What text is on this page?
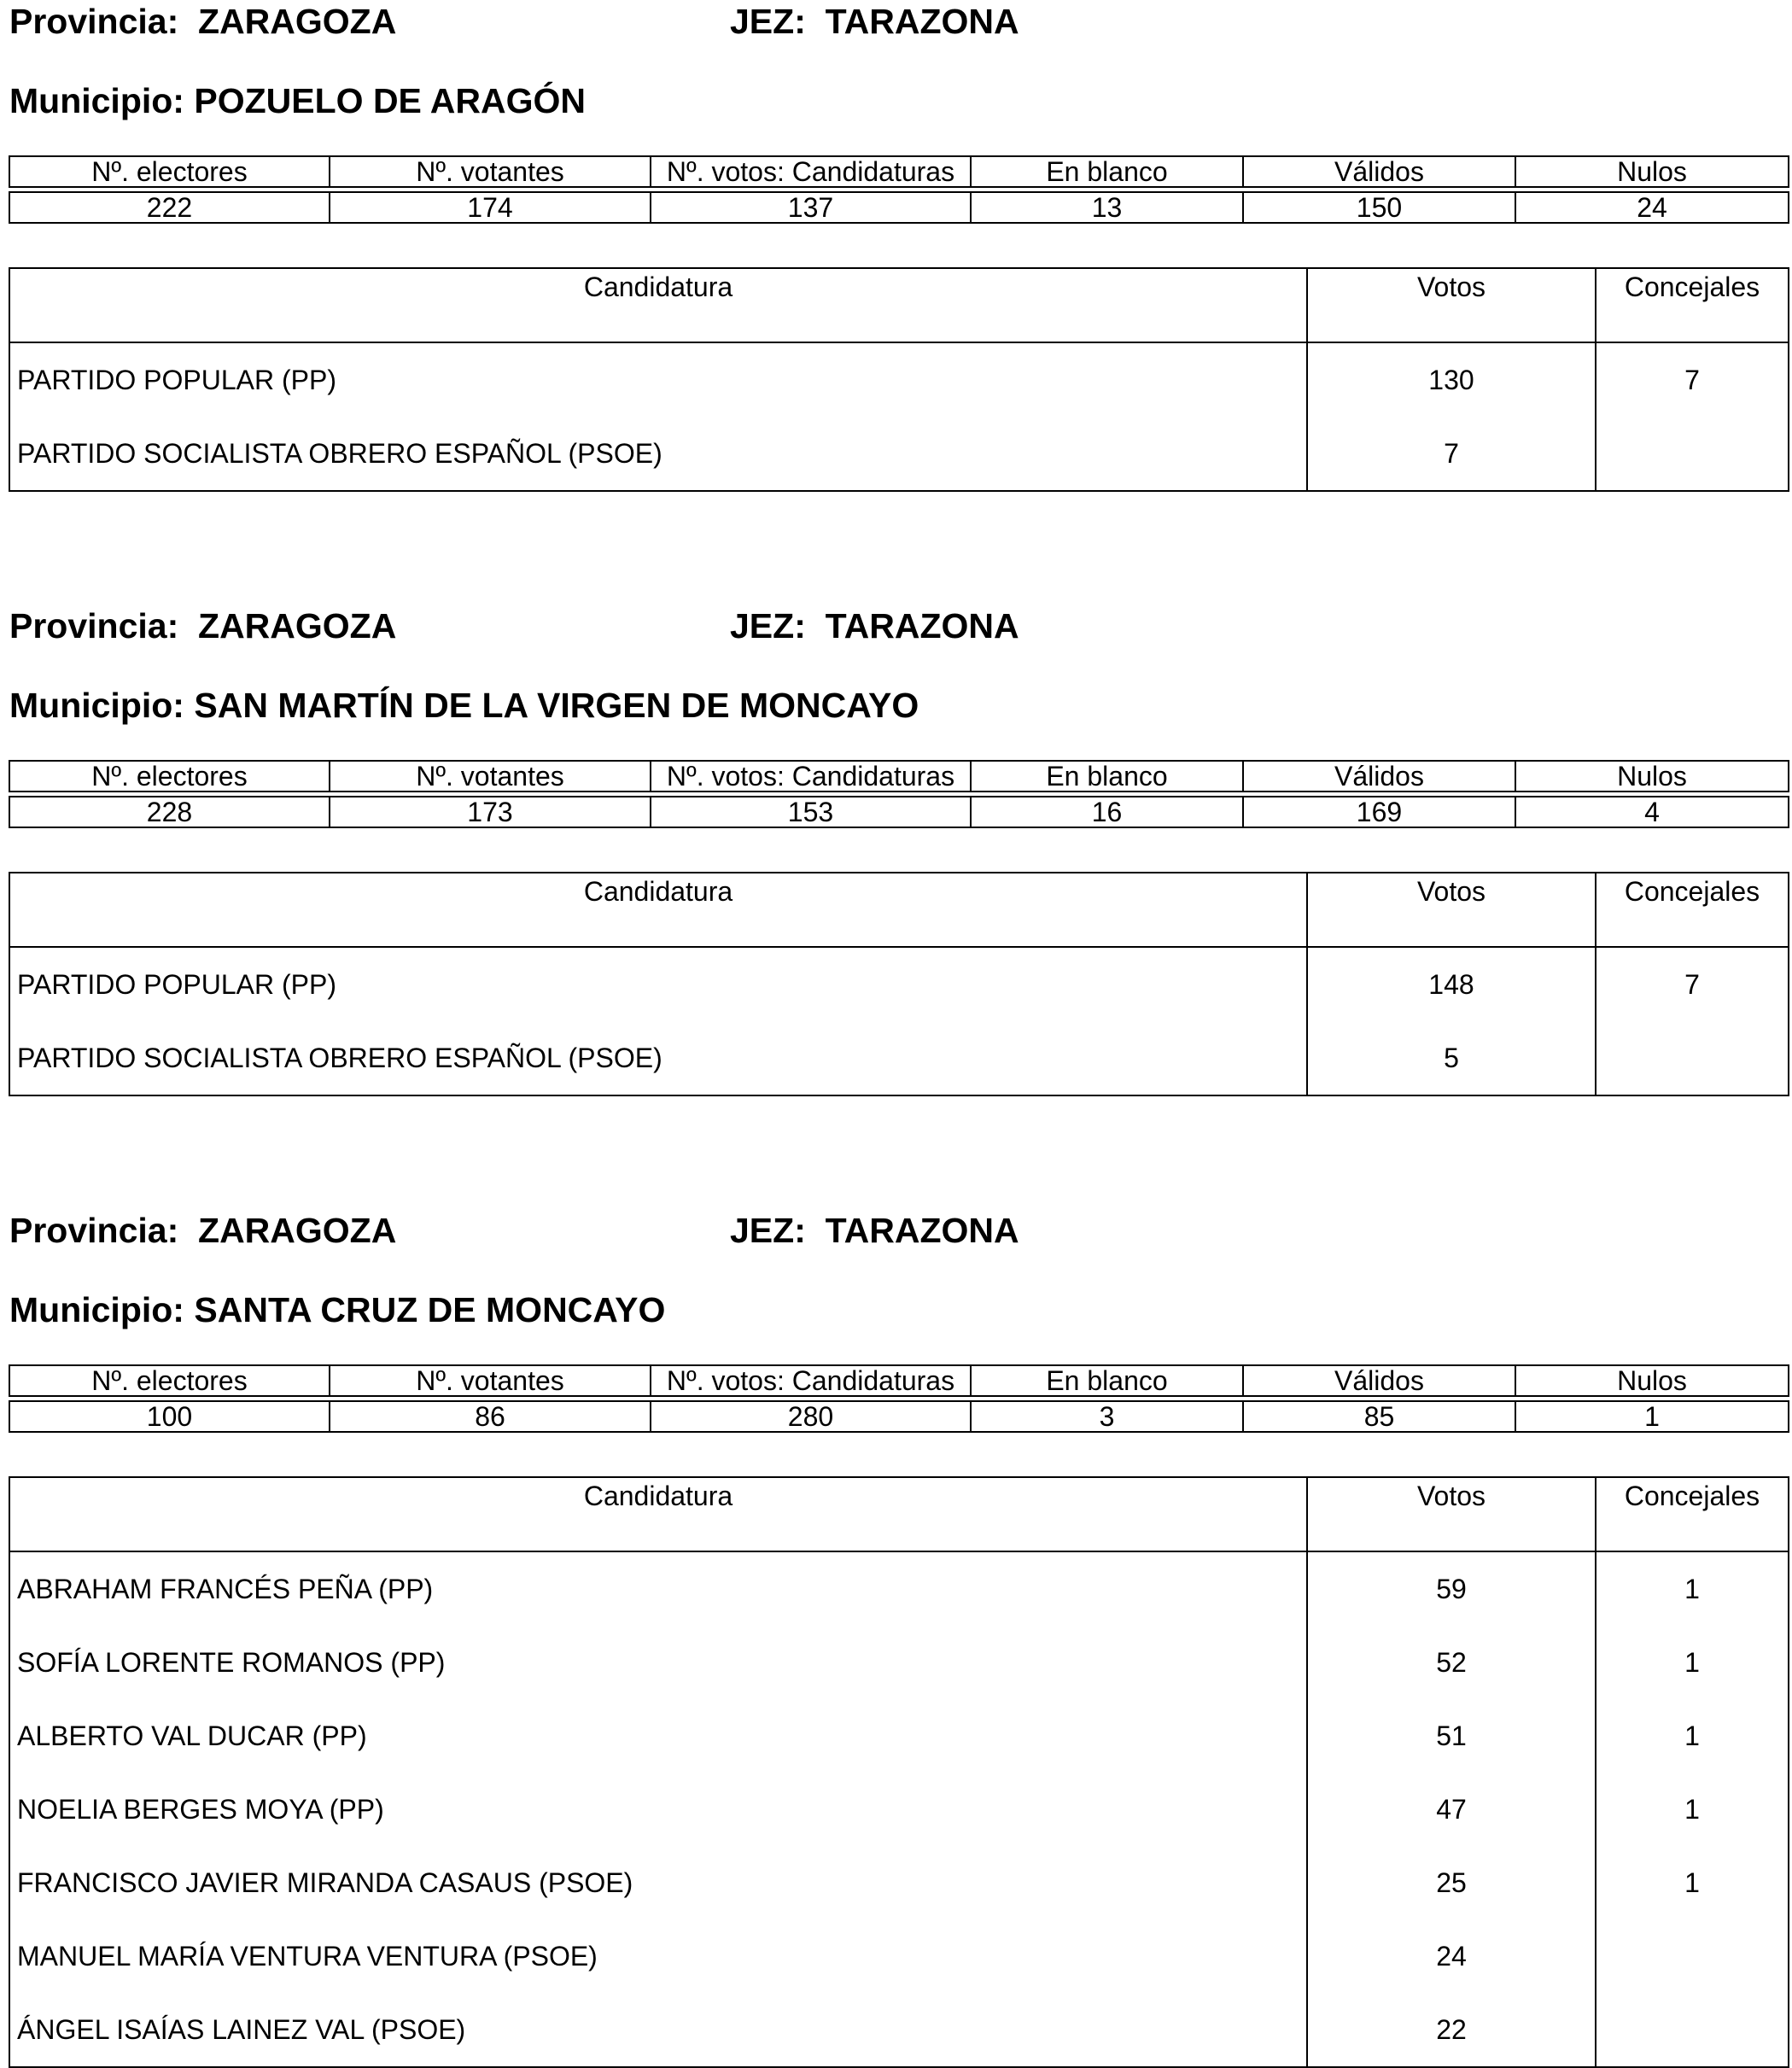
Provincia: ZARAGOZA	JEZ: TARAZONA
Municipio: POZUELO DE ARAGÓN
Nº. electores	Nº. votantes	Nº. votos: Candidaturas	En blanco	Válidos	Nulos

222	174	137	13	150	24
Candidatura	Votos	Concejales
PARTIDO POPULAR (PP)	130	7
PARTIDO SOCIALISTA OBRERO ESPAÑOL (PSOE)	7	
Provincia: ZARAGOZA	JEZ: TARAZONA
Municipio: SAN MARTÍN DE LA VIRGEN DE MONCAYO
Nº. electores	Nº. votantes	Nº. votos: Candidaturas	En blanco	Válidos	Nulos

228	173	153	16	169	4
Candidatura	Votos	Concejales
PARTIDO POPULAR (PP)	148	7
PARTIDO SOCIALISTA OBRERO ESPAÑOL (PSOE)	5	
Provincia: ZARAGOZA	JEZ: TARAZONA
Municipio: SANTA CRUZ DE MONCAYO
Nº. electores	Nº. votantes	Nº. votos: Candidaturas	En blanco	Válidos	Nulos

100	86	280	3	85	1
Candidatura	Votos	Concejales
ABRAHAM FRANCÉS PEÑA (PP)	59	1
SOFÍA LORENTE ROMANOS (PP)	52	1
ALBERTO VAL DUCAR (PP)	51	1
NOELIA BERGES MOYA (PP)	47	1
FRANCISCO JAVIER MIRANDA CASAUS (PSOE)	25	1
MANUEL MARÍA VENTURA VENTURA (PSOE)	24	
ÁNGEL ISAÍAS LAINEZ VAL (PSOE)	22	
